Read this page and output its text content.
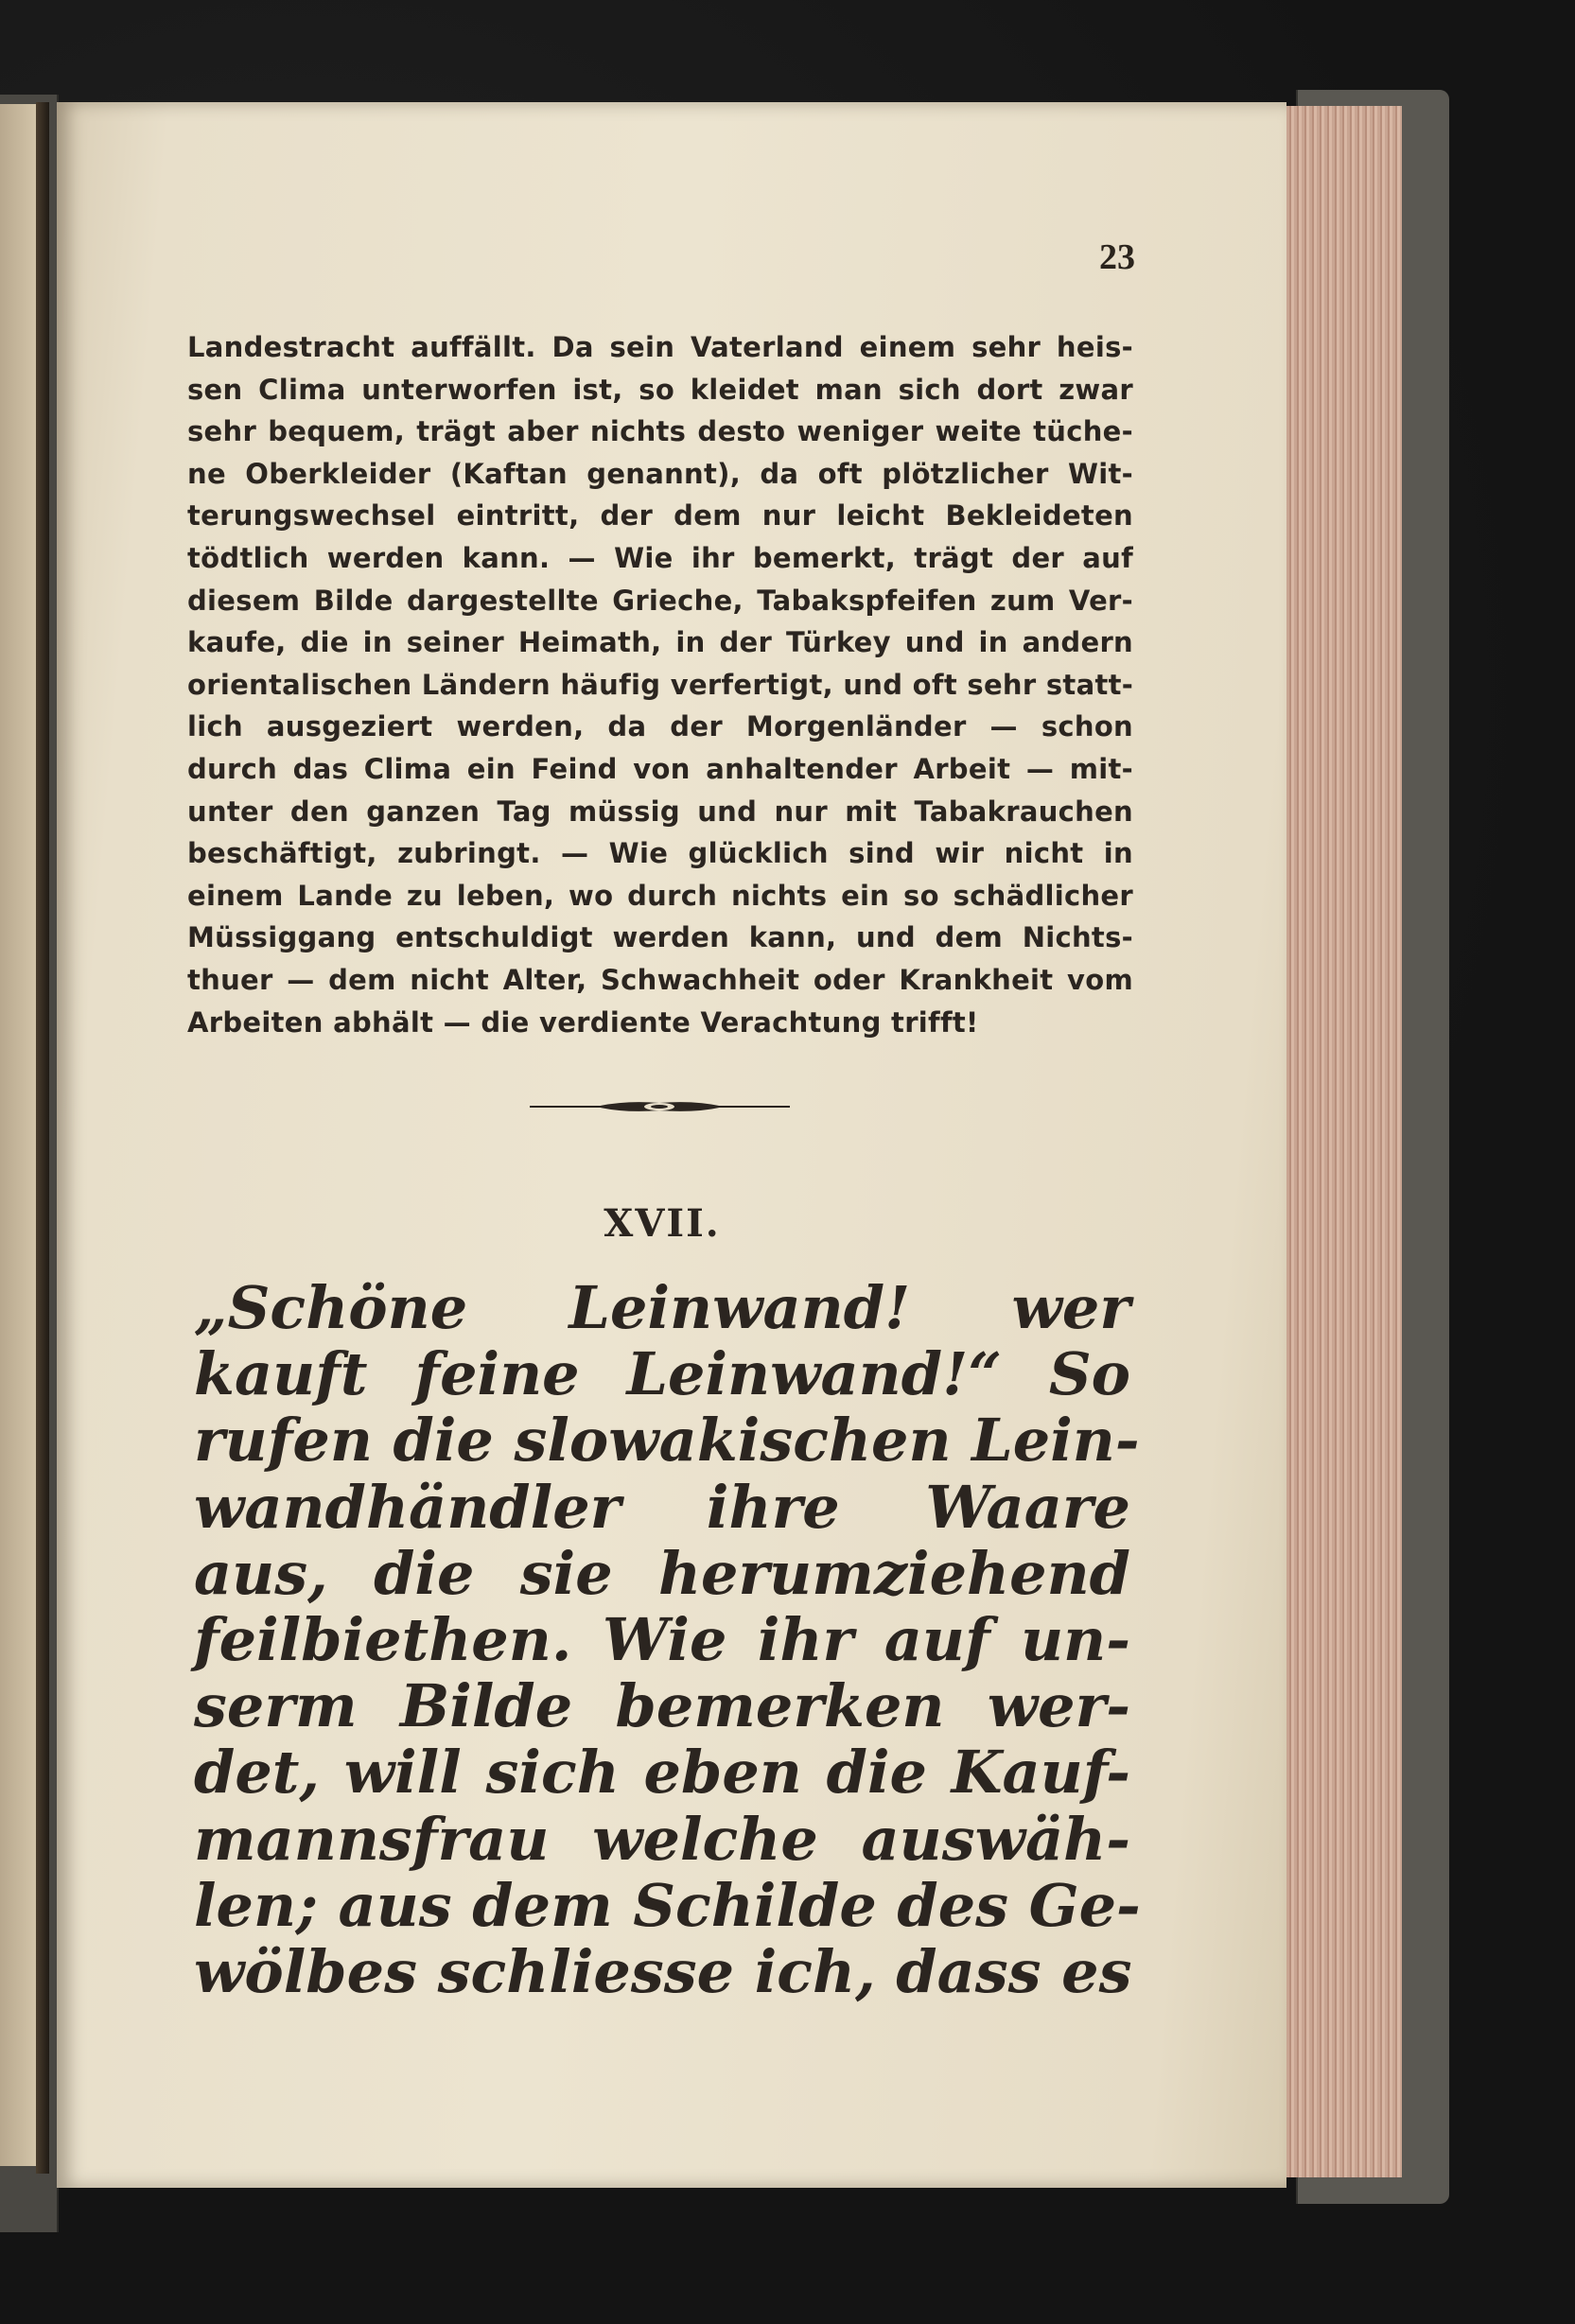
23
Landestracht auffällt. Da sein Vaterland einem sehr heis-
sen Clima unterworfen ist, so kleidet man sich dort zwar
sehr bequem, trägt aber nichts desto weniger weite tüche-
ne Oberkleider (Kaftan genannt), da oft plötzlicher Wit-
terungswechsel eintritt, der dem nur leicht Bekleideten
tödtlich werden kann. — Wie ihr bemerkt, trägt der auf
diesem Bilde dargestellte Grieche, Tabakspfeifen zum Ver-
kaufe, die in seiner Heimath, in der Türkey und in andern
orientalischen Ländern häufig verfertigt, und oft sehr statt-
lich ausgeziert werden, da der Morgenländer — schon
durch das Clima ein Feind von anhaltender Arbeit — mit-
unter den ganzen Tag müssig und nur mit Tabakrauchen
beschäftigt, zubringt. — Wie glücklich sind wir nicht in
einem Lande zu leben, wo durch nichts ein so schädlicher
Müssiggang entschuldigt werden kann, und dem Nichts-
thuer — dem nicht Alter, Schwachheit oder Krankheit vom
Arbeiten abhält — die verdiente Verachtung trifft!
XVII.
„Schöne Leinwand! wer
kauft feine Leinwand!“ So
rufen die slowakischen Lein-
wandhändler ihre Waare
aus, die sie herumziehend
feilbiethen. Wie ihr auf un-
serm Bilde bemerken wer-
det, will sich eben die Kauf-
mannsfrau welche auswäh-
len; aus dem Schilde des Ge-
wölbes schliesse ich, dass es
